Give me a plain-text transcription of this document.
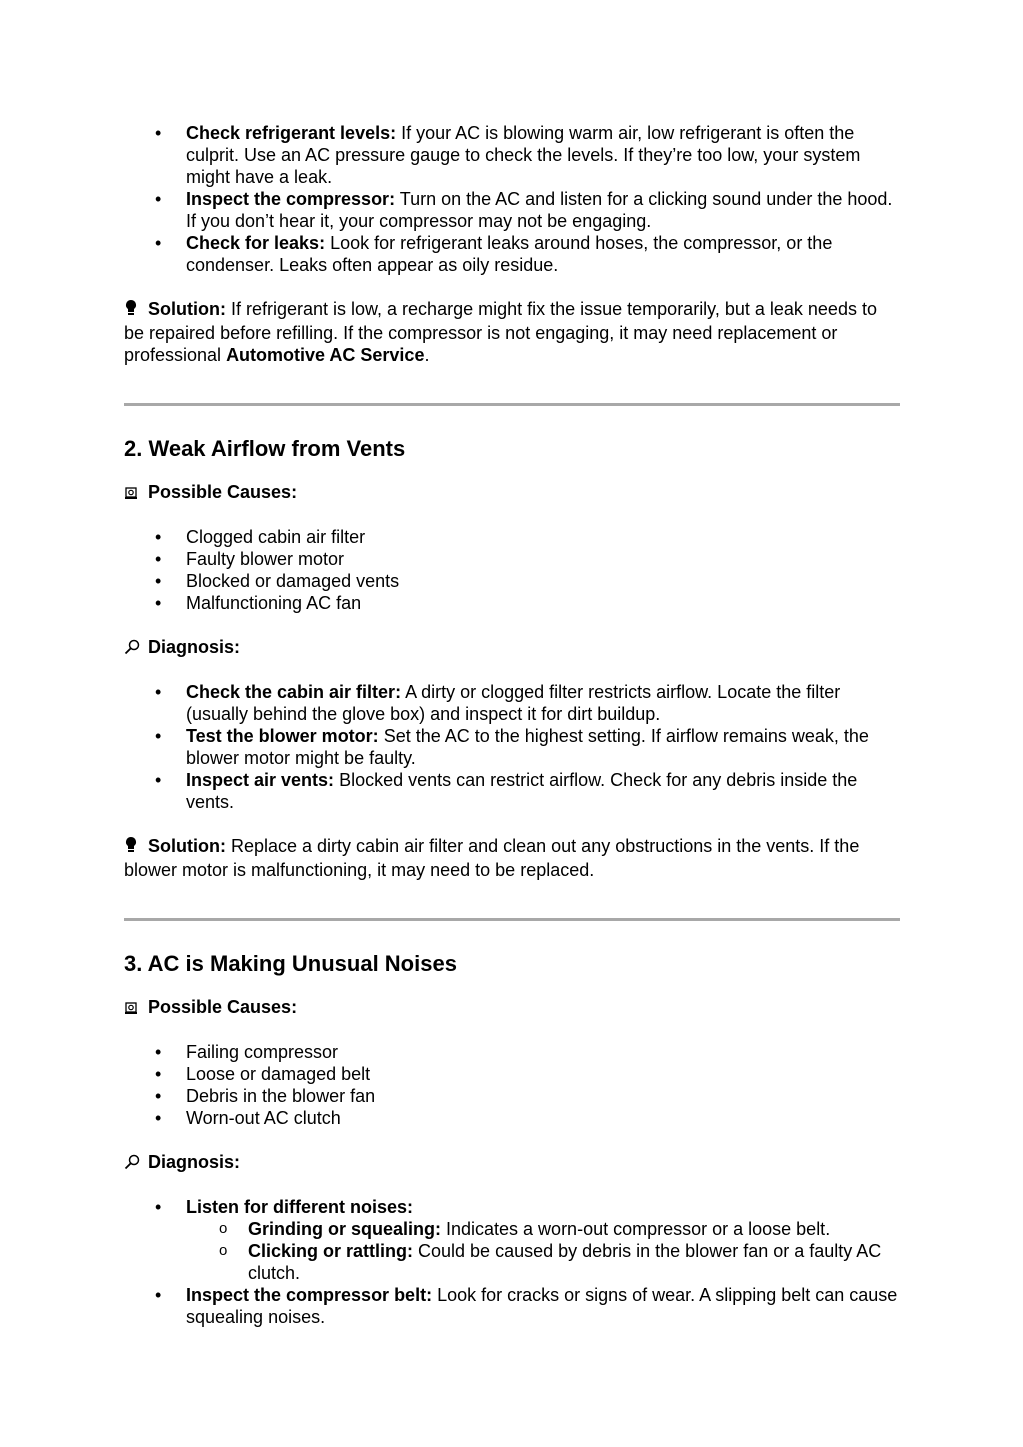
• Check refrigerant levels: If your AC is blowing warm air, low refrigerant is often the culprit. Use an AC pressure gauge to check the levels. If they’re too low, your system might have a leak.
• Inspect the compressor: Turn on the AC and listen for a clicking sound under the hood. If you don’t hear it, your compressor may not be engaging.
• Check for leaks: Look for refrigerant leaks around hoses, the compressor, or the condenser. Leaks often appear as oily residue.

Solution: If refrigerant is low, a recharge might fix the issue temporarily, but a leak needs to be repaired before refilling. If the compressor is not engaging, it may need replacement or professional Automotive AC Service.

2. Weak Airflow from Vents

Possible Causes:

• Clogged cabin air filter
• Faulty blower motor
• Blocked or damaged vents
• Malfunctioning AC fan

Diagnosis:

• Check the cabin air filter: A dirty or clogged filter restricts airflow. Locate the filter (usually behind the glove box) and inspect it for dirt buildup.
• Test the blower motor: Set the AC to the highest setting. If airflow remains weak, the blower motor might be faulty.
• Inspect air vents: Blocked vents can restrict airflow. Check for any debris inside the vents.

Solution: Replace a dirty cabin air filter and clean out any obstructions in the vents. If the blower motor is malfunctioning, it may need to be replaced.

3. AC is Making Unusual Noises

Possible Causes:

• Failing compressor
• Loose or damaged belt
• Debris in the blower fan
• Worn-out AC clutch

Diagnosis:

• Listen for different noises:
o Grinding or squealing: Indicates a worn-out compressor or a loose belt.
o Clicking or rattling: Could be caused by debris in the blower fan or a faulty AC clutch.
• Inspect the compressor belt: Look for cracks or signs of wear. A slipping belt can cause squealing noises.
